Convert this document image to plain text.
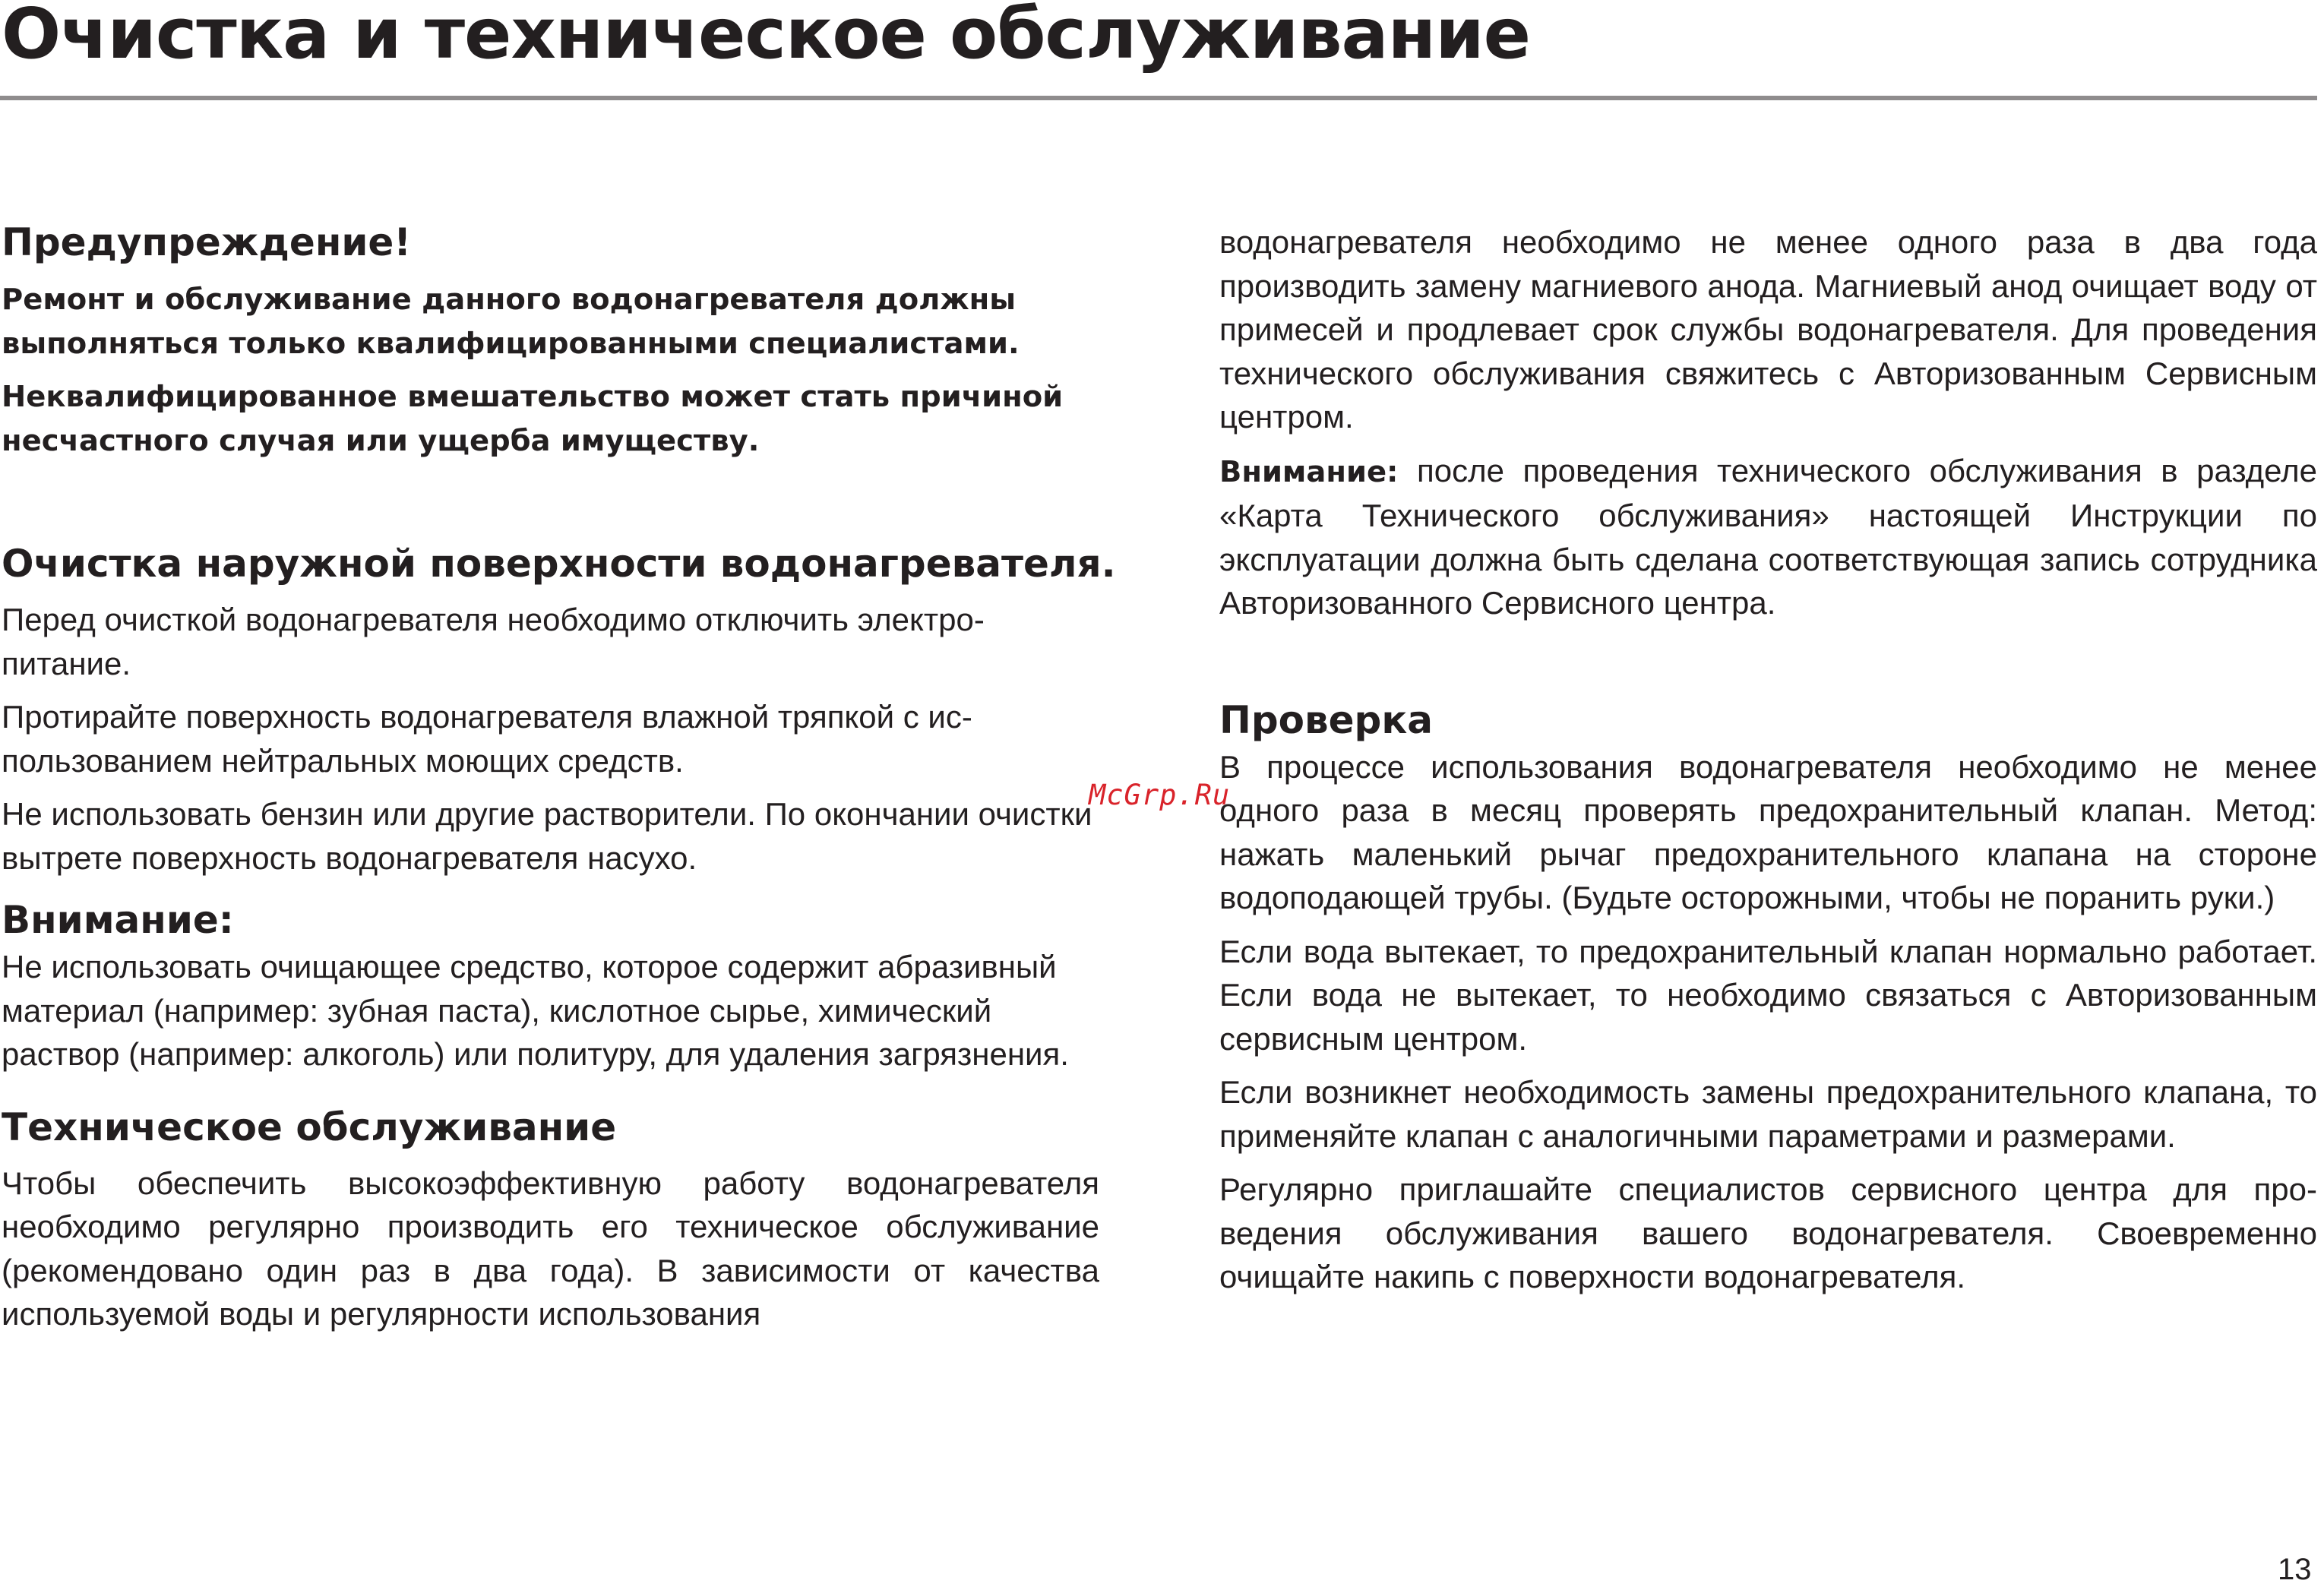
Очистка и техническое обслуживание
Предупреждение!

Ремонт и обслуживание данного водонагревателя должны выполняться только квалифицированными специалистами.

Неквалифицированное вмешательство может стать причиной несчастного случая или ущерба имуществу.

Очистка наружной поверхности водонагревателя.

Перед очисткой водонагревателя необходимо отключить электропитание.

Протирайте поверхность водонагревателя влажной тряпкой с использованием нейтральных моющих средств.

Не использовать бензин или другие растворители. По окончании очистки вытрете поверхность водонагревателя насухо.

Внимание:

Не использовать очищающее средство, которое содержит абразивный материал (например: зубная паста), кислотное сырье, химический раствор (например: алкоголь) или политуру, для удаления загрязнения.

Техническое обслуживание

Чтобы обеспечить высокоэффективную работу водонагревателя необходимо регулярно производить его техническое обслуживание (рекомендовано один раз в два года). В зависимости от качества используемой воды и регулярности использования

водонагревателя необходимо не менее одного раза в два года производить замену магниевого анода. Магниевый анод очищает воду от примесей и продлевает срок службы водонагревателя. Для проведения технического обслуживания свяжитесь с Авторизованным Сервисным центром.

Внимание: после проведения технического обслуживания в разделе «Карта Технического обслуживания» настоящей Инструкции по эксплуатации должна быть сделана соответствующая запись сотрудника Авторизованного Сервисного центра.

Проверка

В процессе использования водонагревателя необходимо не менее одного раза в месяц проверять предохранительный клапан. Метод: нажать маленький рычаг предохранительного клапана на стороне водоподающей трубы. (Будьте осторожными, чтобы не поранить руки.)

Если вода вытекает, то предохранительный клапан нормально работает. Если вода не вытекает, то необходимо связаться с Авторизованным сервисным центром.

Если возникнет необходимость замены предохранительного клапана, то применяйте клапан с аналогичными параметрами и размерами.

Регулярно приглашайте специалистов сервисного центра для проведения обслуживания вашего водонагревателя. Своевременно очищайте накипь с поверхности водонагревателя.

McGrp.Ru
13
